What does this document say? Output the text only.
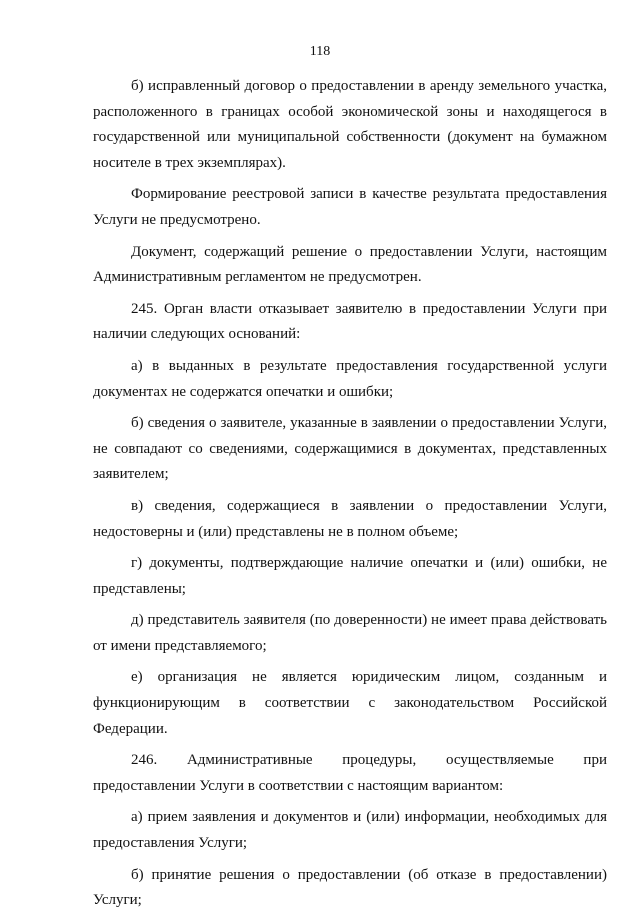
118

б) исправленный договор о предоставлении в аренду земельного участка, расположенного в границах особой экономической зоны и находящегося в государственной или муниципальной собственности (документ на бумажном носителе в трех экземплярах).

Формирование реестровой записи в качестве результата предоставления Услуги не предусмотрено.

Документ, содержащий решение о предоставлении Услуги, настоящим Административным регламентом не предусмотрен.

245. Орган власти отказывает заявителю в предоставлении Услуги при наличии следующих оснований:

а) в выданных в результате предоставления государственной услуги документах не содержатся опечатки и ошибки;

б) сведения о заявителе, указанные в заявлении о предоставлении Услуги, не совпадают со сведениями, содержащимися в документах, представленных заявителем;

в) сведения, содержащиеся в заявлении о предоставлении Услуги, недостоверны и (или) представлены не в полном объеме;

г) документы, подтверждающие наличие опечатки и (или) ошибки, не представлены;

д) представитель заявителя (по доверенности) не имеет права действовать от имени представляемого;

е) организация не является юридическим лицом, созданным и функционирующим в соответствии с законодательством Российской Федерации.

246. Административные процедуры, осуществляемые при предоставлении Услуги в соответствии с настоящим вариантом:

а) прием заявления и документов и (или) информации, необходимых для предоставления Услуги;

б) принятие решения о предоставлении (об отказе в предоставлении) Услуги;
